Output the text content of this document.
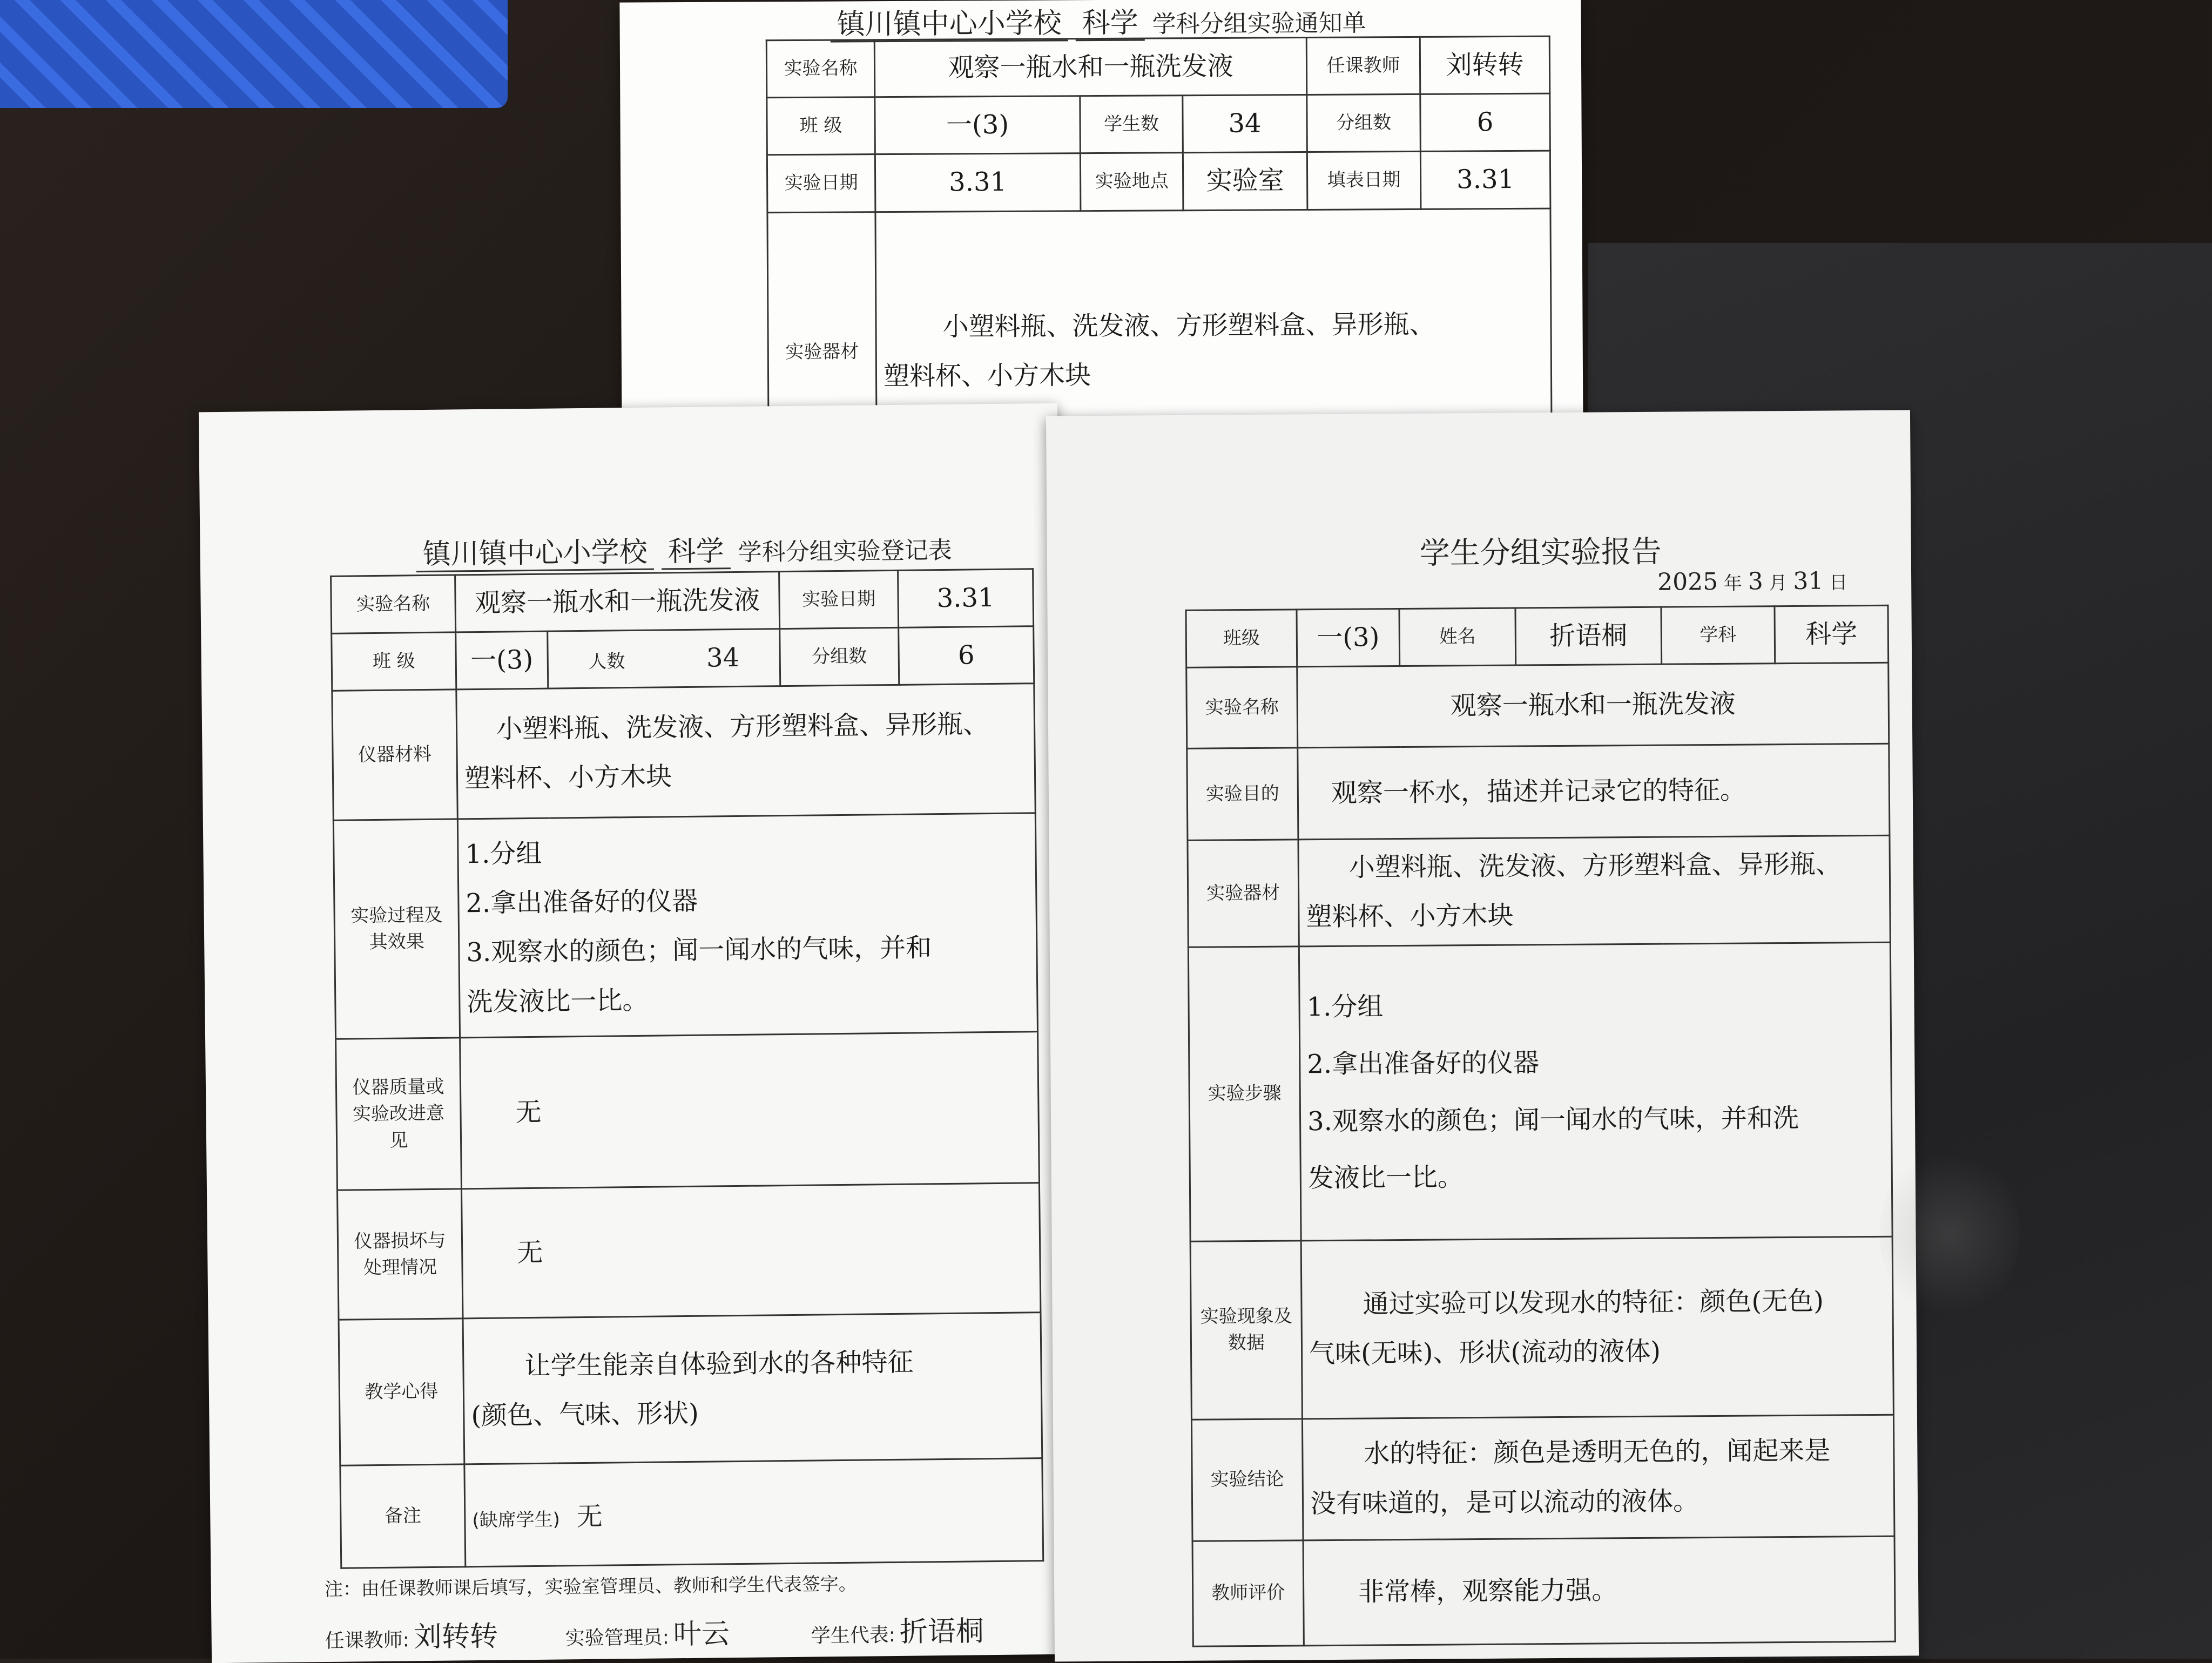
镇川镇中心小学校 科学 学科分组实验通知单
实验名称	观察一瓶水和一瓶洗发液			任课教师	刘转转
班 级	一(3)	学生数	34	分组数	6
实验日期	3.31	实验地点	实验室	填表日期	3.31
实验器材	小塑料瓶、洗发液、方形塑料盒、异形瓶、
塑料杯、小方木块				
镇川镇中心小学校 科学 学科分组实验登记表
实验名称	观察一瓶水和一瓶洗发液		实验日期	3.31
班 级	一(3)	人数 34	分组数	6
仪器材料	小塑料瓶、洗发液、方形塑料盒、异形瓶、
塑料杯、小方木块			

实验过程及其效果	1.分组
2.拿出准备好的仪器
3.观察水的颜色；闻一闻水的气味，并和
洗发液比一比。			

仪器质量或实验改进意见	无			
仪器损坏与处理情况	无			
教学心得	让学生能亲自体验到水的各种特征
(颜色、气味、形状)			

备注	(缺席学生) 无			
注：由任课教师课后填写，实验室管理员、教师和学生代表签字。
任课教师: 刘转转	实验管理员: 叶云	学生代表: 折语桐
学生分组实验报告
2025 年 3 月 31 日
班级	一(3)	姓名	折语桐	学科	科学
实验名称	观察一瓶水和一瓶洗发液				
实验目的	观察一杯水，描述并记录它的特征。				
实验器材	小塑料瓶、洗发液、方形塑料盒、异形瓶、
塑料杯、小方木块				

实验步骤	1.分组
2.拿出准备好的仪器
3.观察水的颜色；闻一闻水的气味，并和洗
发液比一比。				

实验现象及数据	通过实验可以发现水的特征：颜色(无色)
气味(无味)、形状(流动的液体)				

实验结论	水的特征：颜色是透明无色的，闻起来是
没有味道的，是可以流动的液体。				

教师评价	非常棒，观察能力强。				
